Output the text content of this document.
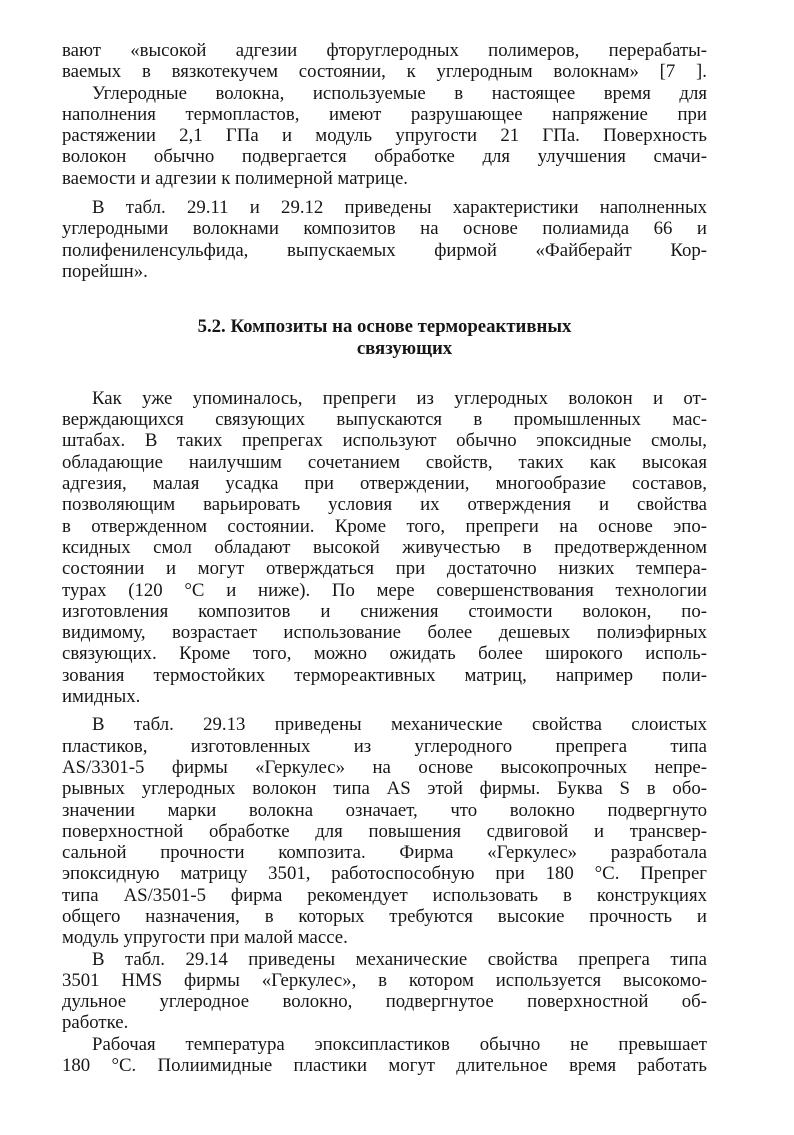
вают «высокой адгезии фторуглеродных полимеров, перерабаты-
ваемых в вязкотекучем состоянии, к углеродным волокнам» [7 ].
Углеродные волокна, используемые в настоящее время для
наполнения термопластов, имеют разрушающее напряжение при
растяжении 2,1 ГПа и модуль упругости 21 ГПа. Поверхность
волокон обычно подвергается обработке для улучшения смачи-
ваемости и адгезии к полимерной матрице.
В табл. 29.11 и 29.12 приведены характеристики наполненных
углеродными волокнами композитов на основе полиамида 66 и
полифениленсульфида, выпускаемых фирмой «Файберайт Кор-
порейшн».
5.2. Композиты на основе термореактивных
связующих
Как уже упоминалось, препреги из углеродных волокон и от-
верждающихся связующих выпускаются в промышленных мас-
штабах. В таких препрегах используют обычно эпоксидные смолы,
обладающие наилучшим сочетанием свойств, таких как высокая
адгезия, малая усадка при отверждении, многообразие составов,
позволяющим варьировать условия их отверждения и свойства
в отвержденном состоянии. Кроме того, препреги на основе эпо-
ксидных смол обладают высокой живучестью в предотвержденном
состоянии и могут отверждаться при достаточно низких темпера-
турах (120 °С и ниже). По мере совершенствования технологии
изготовления композитов и снижения стоимости волокон, по-
видимому, возрастает использование более дешевых полиэфирных
связующих. Кроме того, можно ожидать более широкого исполь-
зования термостойких термореактивных матриц, например поли-
имидных.
В табл. 29.13 приведены механические свойства слоистых
пластиков, изготовленных из углеродного препрега типа
AS/3301-5 фирмы «Геркулес» на основе высокопрочных непре-
рывных углеродных волокон типа AS этой фирмы. Буква S в обо-
значении марки волокна означает, что волокно подвергнуто
поверхностной обработке для повышения сдвиговой и трансвер-
сальной прочности композита. Фирма «Геркулес» разработала
эпоксидную матрицу 3501, работоспособную при 180 °С. Препрег
типа AS/3501-5 фирма рекомендует использовать в конструкциях
общего назначения, в которых требуются высокие прочность и
модуль упругости при малой массе.
В табл. 29.14 приведены механические свойства препрега типа
3501 HMS фирмы «Геркулес», в котором используется высокомо-
дульное углеродное волокно, подвергнутое поверхностной об-
работке.
Рабочая температура эпоксипластиков обычно не превышает
180 °С. Полиимидные пластики могут длительное время работать
